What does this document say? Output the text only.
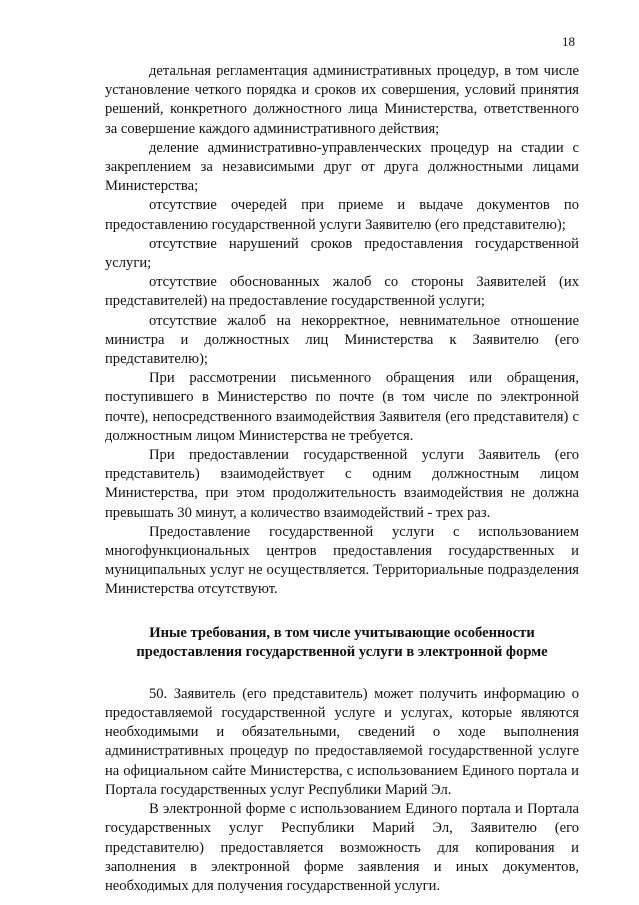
18

детальная регламентация административных процедур, в том числе установление четкого порядка и сроков их совершения, условий принятия решений, конкретного должностного лица Министерства, ответственного за совершение каждого административного действия;

деление административно-управленческих процедур на стадии с закреплением за независимыми друг от друга должностными лицами Министерства;

отсутствие очередей при приеме и выдаче документов по предоставлению государственной услуги Заявителю (его представителю);

отсутствие нарушений сроков предоставления государственной услуги;

отсутствие обоснованных жалоб со стороны Заявителей (их представителей) на предоставление государственной услуги;

отсутствие жалоб на некорректное, невнимательное отношение министра и должностных лиц Министерства к Заявителю (его представителю);

При рассмотрении письменного обращения или обращения, поступившего в Министерство по почте (в том числе по электронной почте), непосредственного взаимодействия Заявителя (его представителя) с должностным лицом Министерства не требуется.

При предоставлении государственной услуги Заявитель (его представитель) взаимодействует с одним должностным лицом Министерства, при этом продолжительность взаимодействия не должна превышать 30 минут, а количество взаимодействий - трех раз.

Предоставление государственной услуги с использованием многофункциональных центров предоставления государственных и муниципальных услуг не осуществляется. Территориальные подразделения Министерства отсутствуют.

Иные требования, в том числе учитывающие особенности предоставления государственной услуги в электронной форме

50. Заявитель (его представитель) может получить информацию о предоставляемой государственной услуге и услугах, которые являются необходимыми и обязательными, сведений о ходе выполнения административных процедур по предоставляемой государственной услуге на официальном сайте Министерства, с использованием Единого портала и Портала государственных услуг Республики Марий Эл.

В электронной форме с использованием Единого портала и Портала государственных услуг Республики Марий Эл, Заявителю (его представителю) предоставляется возможность для копирования и заполнения в электронной форме заявления и иных документов, необходимых для получения государственной услуги.
